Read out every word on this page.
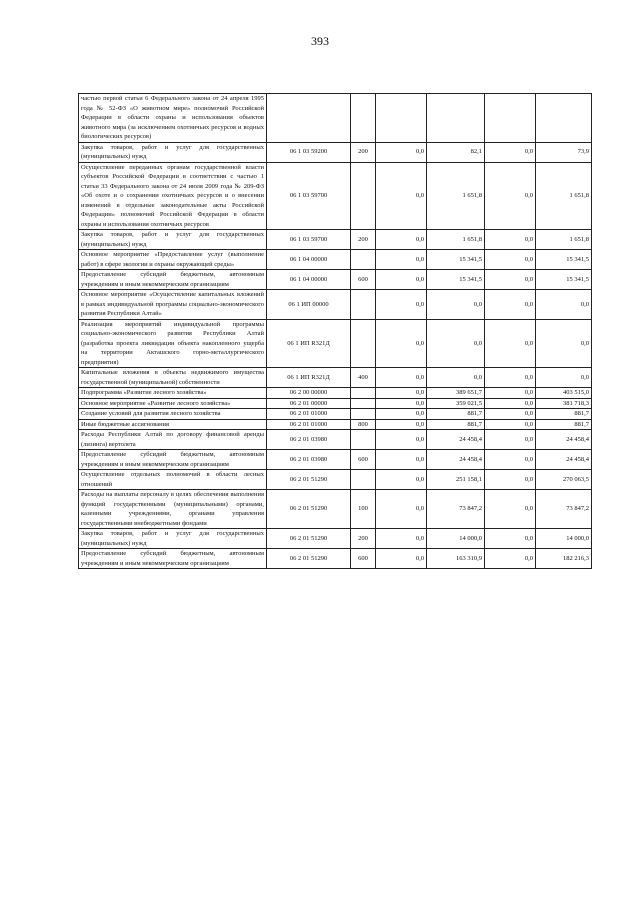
393
частью первой статьи 6 Федерального закона от 24 апреля 1995 года № 52-ФЗ «О животном мире» полномочий Российской Федерации в области охраны и использования объектов животного мира (за исключением охотничьих ресурсов и водных биологических ресурсов)						
Закупка товаров, работ и услуг для государственных (муниципальных) нужд	06 1 03 59200	200	0,0	82,1	0,0	73,9
Осуществление переданных органам государственной власти субъектов Российской Федерации в соответствии с частью 1 статьи 33 Федерального закона от 24 июля 2009 года № 209-ФЗ «Об охоте и о сохранении охотничьих ресурсов и о внесении изменений в отдельные законодательные акты Российской Федерации» полномочий Российской Федерации в области охраны и использования охотничьих ресурсов	06 1 03 59700		0,0	1 651,8	0,0	1 651,8
Закупка товаров, работ и услуг для государственных (муниципальных) нужд	06 1 03 59700	200	0,0	1 651,8	0,0	1 651,8
Основное мероприятие «Предоставление услуг (выполнение работ) в сфере экологии и охраны окружающей среды»	06 1 04 00000		0,0	15 341,5	0,0	15 341,5
Предоставление субсидий бюджетным, автономным учреждениям и иным некоммерческим организациям	06 1 04 00000	600	0,0	15 341,5	0,0	15 341,5
Основное мероприятие «Осуществление капитальных вложений в рамках индивидуальной программы социально-экономического развития Республики Алтай»	06 1 ИП 00000		0,0	0,0	0,0	0,0
Реализация мероприятий индивидуальной программы социально-экономического развития Республики Алтай (разработка проекта ликвидации объекта накопленного ущерба на территории Акташского горно-металлургического предприятия)	06 1 ИП R321Д		0,0	0,0	0,0	0,0
Капитальные вложения в объекты недвижимого имущества государственной (муниципальной) собственности	06 1 ИП R321Д	400	0,0	0,0	0,0	0,0
Подпрограмма «Развитие лесного хозяйства»	06 2 00 00000		0,0	389 651,7	0,0	403 515,0
Основное мероприятие «Развитие лесного хозяйства»	06 2 01 00000		0,0	359 021,5	0,0	381 718,3
Создание условий для развития лесного хозяйства	06 2 01 01000		0,0	881,7	0,0	881,7
Иные бюджетные ассигнования	06 2 01 01000	800	0,0	881,7	0,0	881,7
Расходы Республики Алтай по договору финансовой аренды (лизинга) вертолета	06 2 01 03980		0,0	24 458,4	0,0	24 458,4
Предоставление субсидий бюджетным, автономным учреждениям и иным некоммерческим организациям	06 2 01 03980	600	0,0	24 458,4	0,0	24 458,4
Осуществление отдельных полномочий в области лесных отношений	06 2 01 51290		0,0	251 158,1	0,0	270 063,5
Расходы на выплаты персоналу в целях обеспечения выполнения функций государственными (муниципальными) органами, казенными учреждениями, органами управления государственными внебюджетными фондами	06 2 01 51290	100	0,0	73 847,2	0,0	73 847,2
Закупка товаров, работ и услуг для государственных (муниципальных) нужд	06 2 01 51290	200	0,0	14 000,0	0,0	14 000,0
Предоставление субсидий бюджетным, автономным учреждениям и иным некоммерческим организациям	06 2 01 51290	600	0,0	163 310,9	0,0	182 216,3
